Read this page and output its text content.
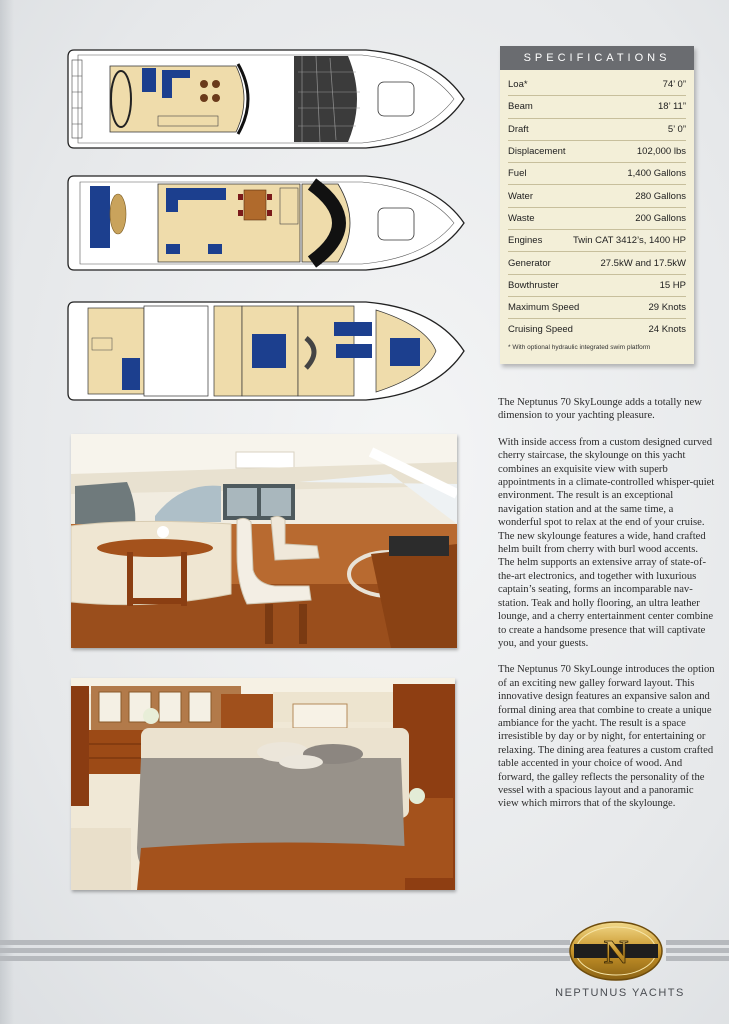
SPECIFICATIONS
Loa*	74’ 0”
Beam	18’ 11”
Draft	5’ 0”
Displacement	102,000 lbs
Fuel	1,400 Gallons
Water	280 Gallons
Waste	200 Gallons
Engines	Twin CAT 3412’s, 1400 HP
Generator	27.5kW and 17.5kW
Bowthruster	15 HP
Maximum Speed	29 Knots
Cruising Speed	24 Knots
* With optional hydraulic integrated swim platform

The Neptunus 70 SkyLounge adds a totally new dimension to your yachting pleasure.

With inside access from a custom designed curved cherry staircase, the skylounge on this yacht combines an exquisite view with superb appointments in a climate-controlled whisper-quiet environment. The result is an exceptional navigation station and at the same time, a wonderful spot to relax at the end of your cruise. The new skylounge features a wide, hand crafted helm built from cherry with burl wood accents. The helm supports an extensive array of state-of-the-art electronics, and together with luxurious captain’s seating, forms an incomparable nav-station. Teak and holly flooring, an ultra leather lounge, and a cherry entertainment center combine to create a handsome presence that will captivate you, and your guests.

The Neptunus 70 SkyLounge introduces the option of an exciting new galley forward layout. This innovative design features an expansive salon and formal dining area that combine to create a unique ambiance for the yacht. The result is a space irresistible by day or by night, for entertaining or relaxing. The dining area features a custom crafted table accented in your choice of wood. And forward, the galley reflects the personality of the vessel with a spacious layout and a panoramic view which mirrors that of the skylounge.

N
NEPTUNUS YACHTS
